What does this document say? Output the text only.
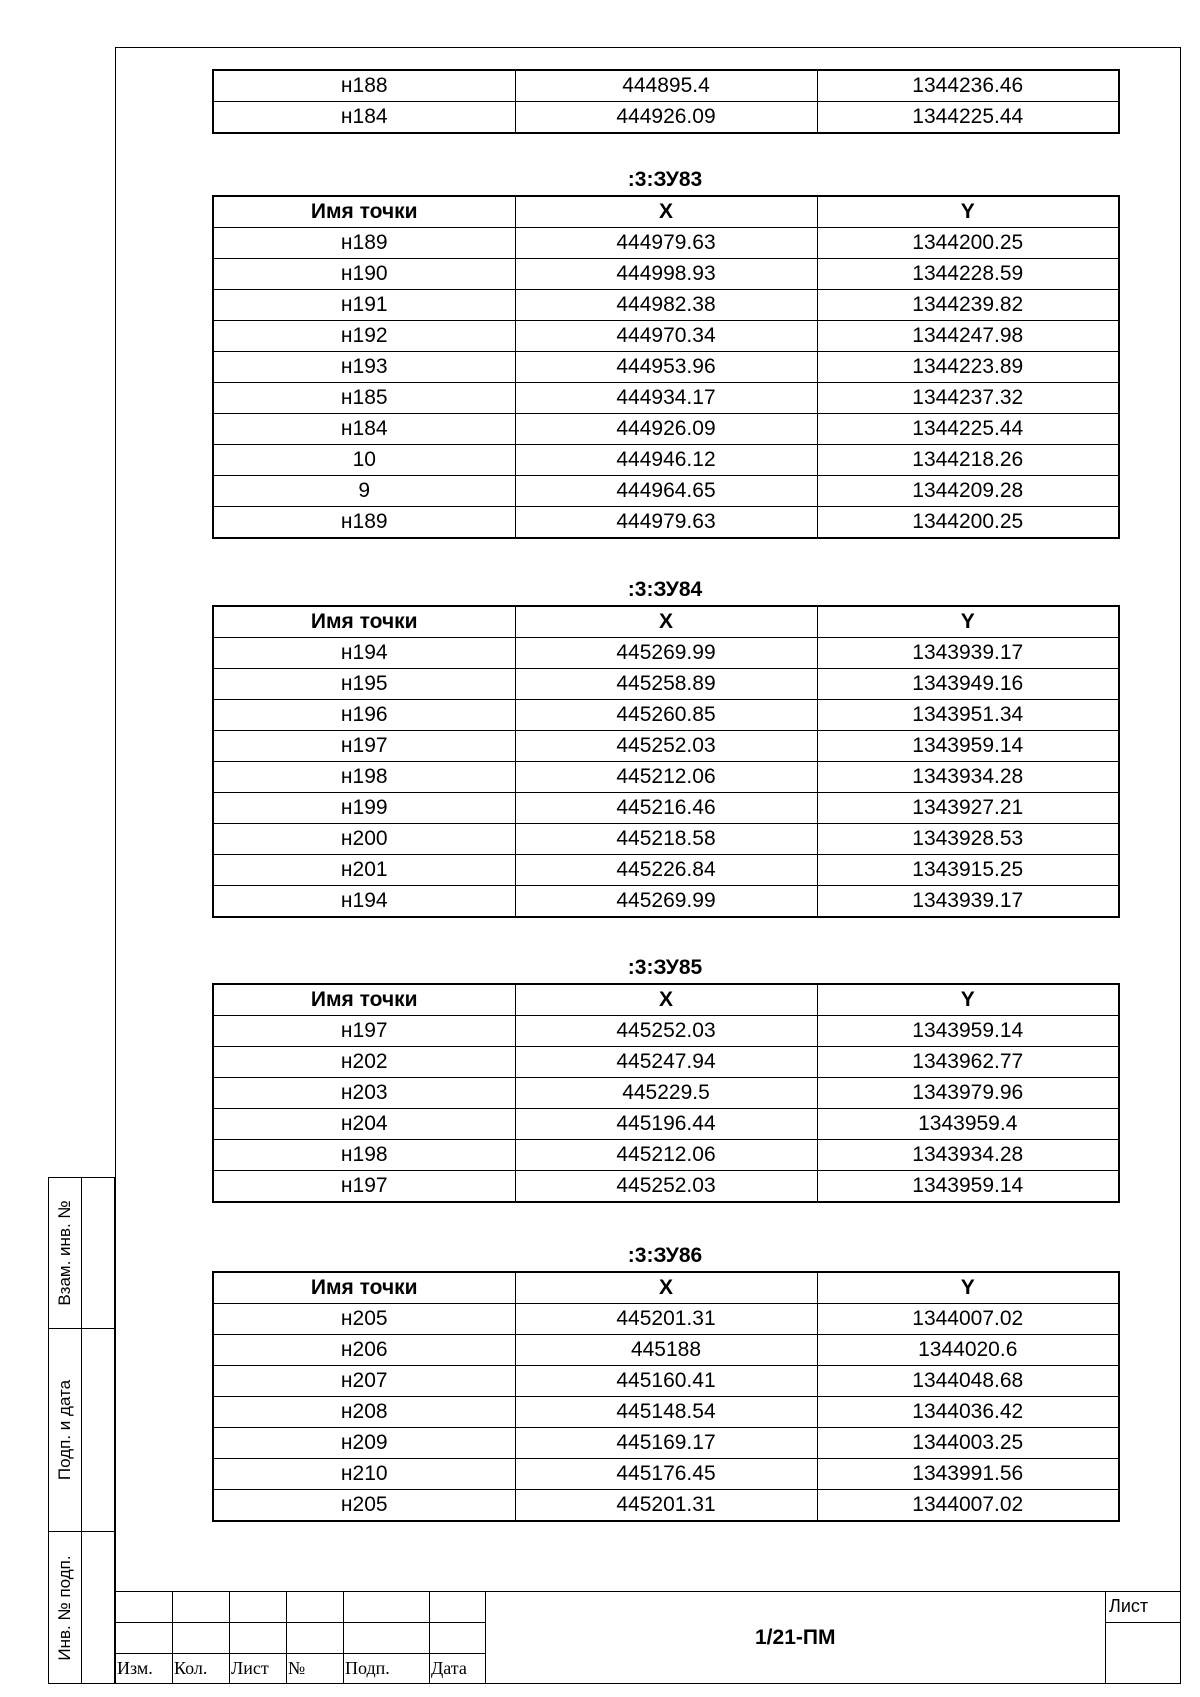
н188	444895.4	1344236.46
н184	444926.09	1344225.44
:3:ЗУ83
Имя точки	X	Y
н189	444979.63	1344200.25
н190	444998.93	1344228.59
н191	444982.38	1344239.82
н192	444970.34	1344247.98
н193	444953.96	1344223.89
н185	444934.17	1344237.32
н184	444926.09	1344225.44
10	444946.12	1344218.26
9	444964.65	1344209.28
н189	444979.63	1344200.25
:3:ЗУ84
Имя точки	X	Y
н194	445269.99	1343939.17
н195	445258.89	1343949.16
н196	445260.85	1343951.34
н197	445252.03	1343959.14
н198	445212.06	1343934.28
н199	445216.46	1343927.21
н200	445218.58	1343928.53
н201	445226.84	1343915.25
н194	445269.99	1343939.17
:3:ЗУ85
Имя точки	X	Y
н197	445252.03	1343959.14
н202	445247.94	1343962.77
н203	445229.5	1343979.96
н204	445196.44	1343959.4
н198	445212.06	1343934.28
н197	445252.03	1343959.14
:3:ЗУ86
Имя точки	X	Y
н205	445201.31	1344007.02
н206	445188	1344020.6
н207	445160.41	1344048.68
н208	445148.54	1344036.42
н209	445169.17	1344003.25
н210	445176.45	1343991.56
н205	445201.31	1344007.02
Взам. инв. №
Подп. и дата
Инв. № подп.
Изм. Кол. Лист № Подп. Дата
1/21-ПМ
Лист
